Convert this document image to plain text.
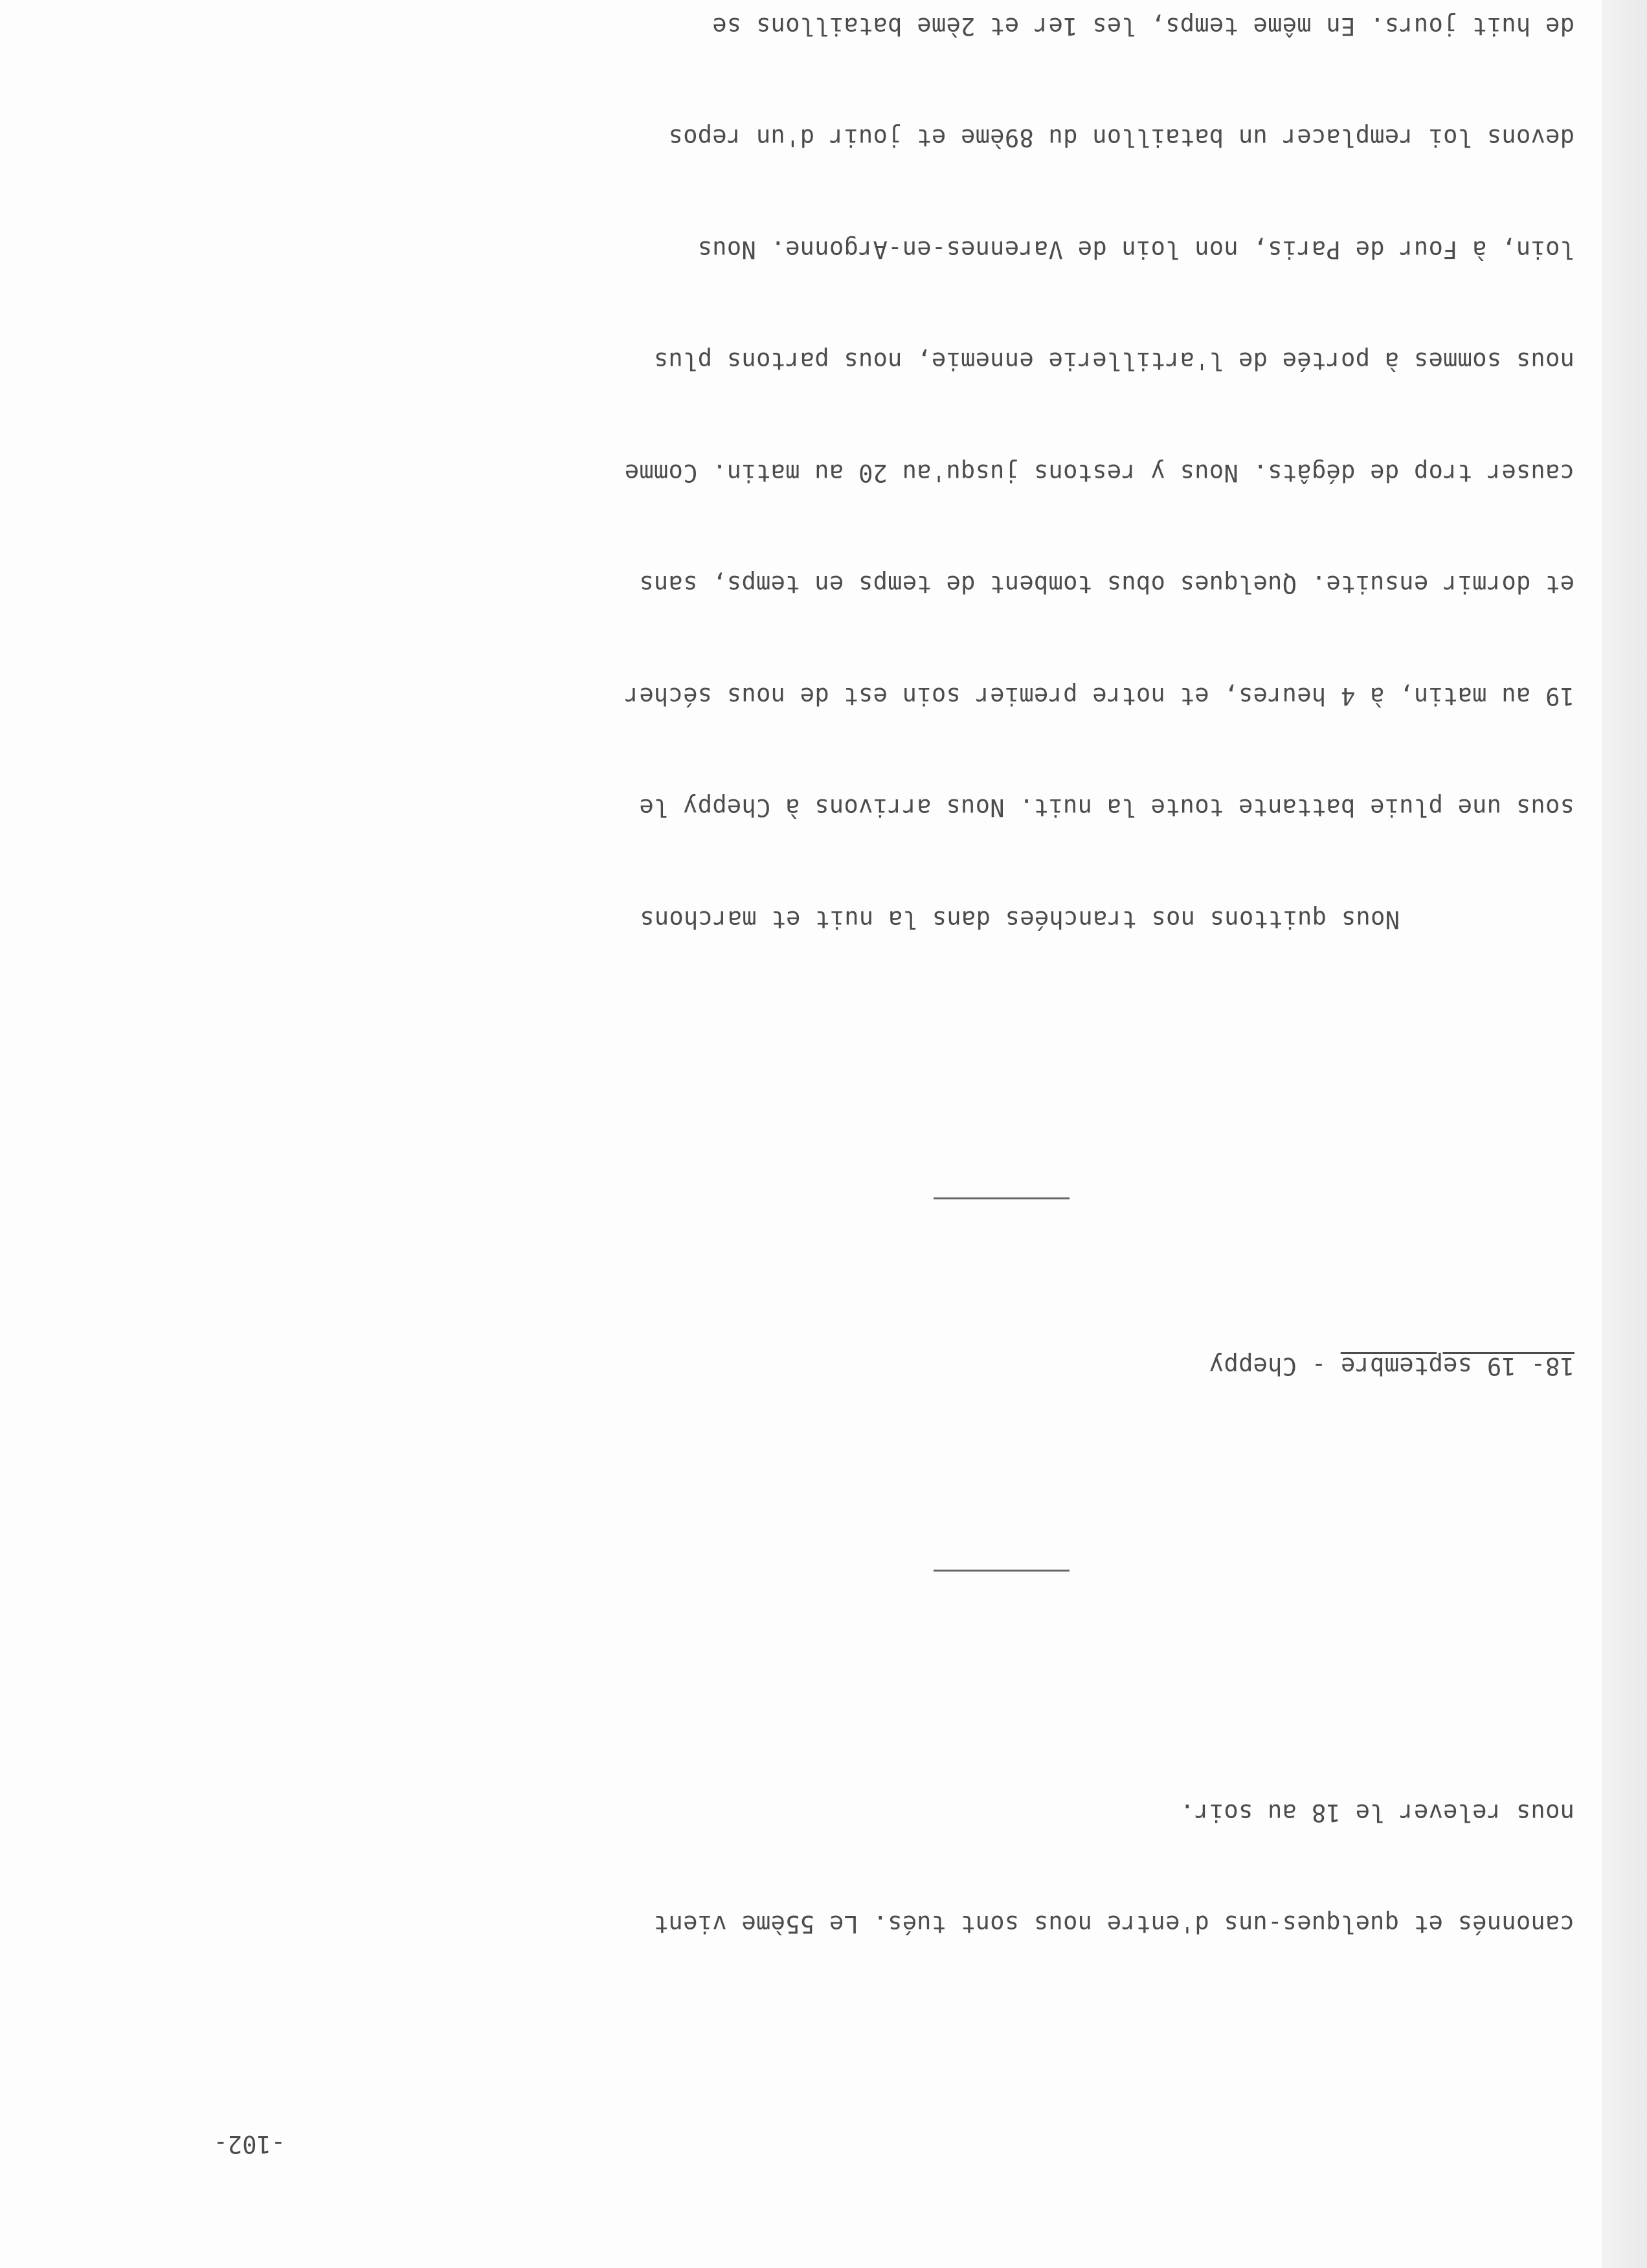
-102-

canonnés et quelques-uns d'entre nous sont tués. Le 55ème vient

nous relever le 18 au soir.

18- 19 septembre - Cheppy

Nous quittons nos tranchées dans la nuit et marchons

sous une pluie battante toute la nuit. Nous arrivons à Cheppy le

19 au matin, à 4 heures, et notre premier soin est de nous sécher

et dormir ensuite. Quelques obus tombent de temps en temps, sans

causer trop de dégâts. Nous y restons jusqu'au 20 au matin. Comme

nous sommes à portée de l'artillerie ennemie, nous partons plus

loin, à Four de Paris, non loin de Varennes-en-Argonne. Nous

devons loi remplacer un bataillon du 89ème et jouir d'un repos

de huit jours. En même temps, les 1er et 2ème bataillons se
